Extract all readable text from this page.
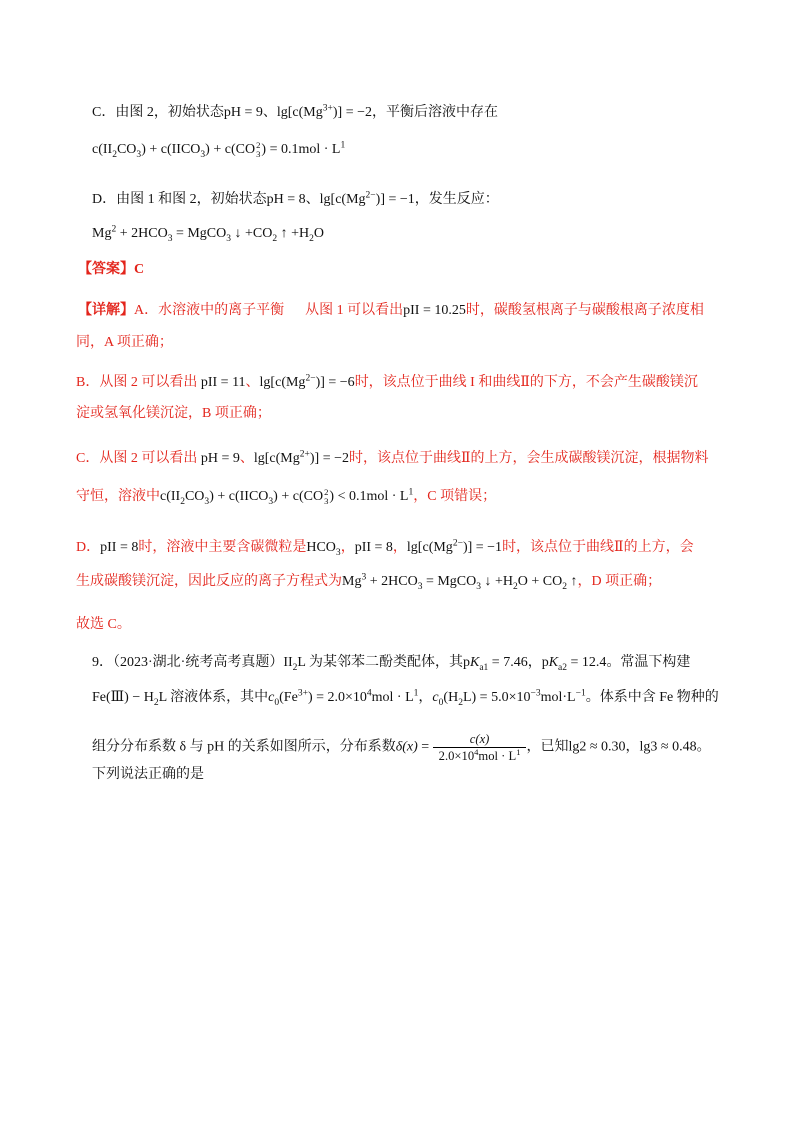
C．由图 2，初始状态pH = 9、$\lg[c(Mg^{3+})] = -2$，平衡后溶液中存在
$c(II_2CO_3)$ + $c(IICO_3) + c(CO$ 2
3 ) = $0.1mol \cdot L^1$
D．由图 1 和图 2，初始状态pH = 8、$\lg[c(Mg^{2-})] = -1$，发生反应：
$Mg^2 + 2HCO_3$ = MgCO$_3$ ↓ $+CO_2$ ↑ $+H_2O$
【答案】C
【详解】A．水溶液中的离子平衡      从图 1 可以看出pII = 10.25时，碳酸氢根离子与碳酸根离子浓度相
同，A 项正确；
B．从图 2 可以看出 pII = 11、$\lg[c(Mg^{2-})] = -6$时，该点位于曲线 I 和曲线Ⅱ的下方，不会产生碳酸镁沉
淀或氢氧化镁沉淀，B 项正确；
C．从图 2 可以看出 pH = 9、$\lg[c(Mg^{2+})] = -2$时，该点位于曲线Ⅱ的上方，会生成碳酸镁沉淀，根据物料
守恒，溶液中$c(II_2CO_3)$ + $c(IICO_3) + c(CO$ 2
3 ) < $0.1mol \cdot L^1$，C 项错误；
D．pII = 8时，溶液中主要含碳微粒是$HCO_3$，pII = 8，$\lg[c(Mg^{2-})] = -1$时，该点位于曲线Ⅱ的上方，会
生成碳酸镁沉淀，因此反应的离子方程式为$Mg^3 + 2HCO_3$ = MgCO$_3$ ↓ $+H_2O + CO_2$ ↑，D 项正确；
故选 C。
9．（2023·湖北·统考高考真题）$II_2L$ 为某邻苯二酚类配体，其$pK_{a1} = 7.46$，$pK_{a2} = 12.4$。常温下构建
Fe(Ⅲ) − $H_2L$ 溶液体系，其中$c_0(Fe^{3+}) = 2.0\times 10^4mol \cdot L^1$，$c_0(H_2L) = 5.0\times 10^{-3}mol\cdot L^{-1}$。体系中含 Fe 物种的
组分分布系数 δ 与 pH 的关系如图所示，分布系数$\delta(x) = \frac{c(x)}{2.0\times 10^4mol \cdot L^1}$ ，已知lg2 ≈ 0.30，lg3 ≈ 0.48。
下列说法正确的是
